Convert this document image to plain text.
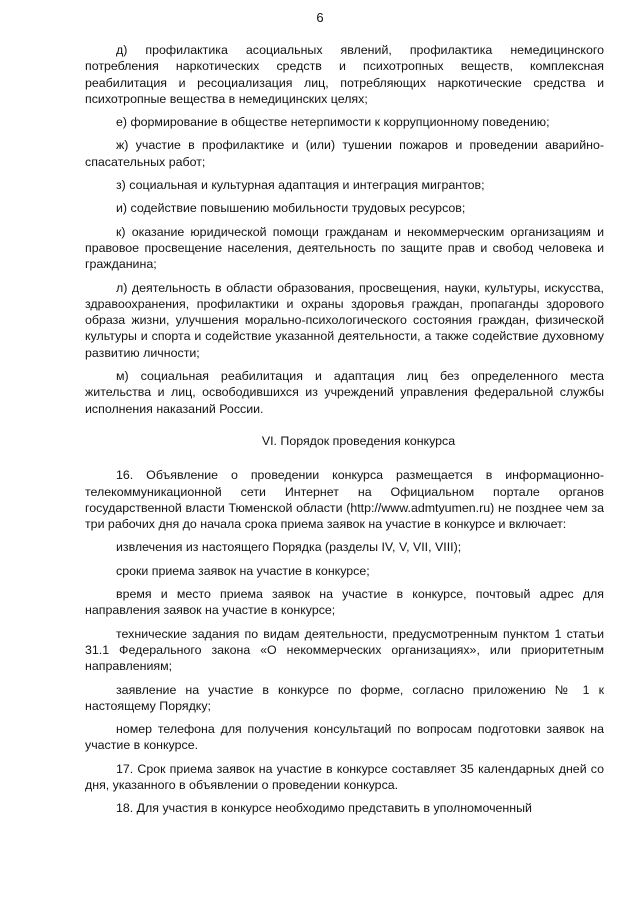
6

д) профилактика асоциальных явлений, профилактика немедицинского потребления наркотических средств и психотропных веществ, комплексная реабилитация и ресоциализация лиц, потребляющих наркотические средства и психотропные вещества в немедицинских целях;

е) формирование в обществе нетерпимости к коррупционному поведению;

ж) участие в профилактике и (или) тушении пожаров и проведении аварийно-спасательных работ;

з) социальная и культурная адаптация и интеграция мигрантов;

и) содействие повышению мобильности трудовых ресурсов;

к) оказание юридической помощи гражданам и некоммерческим организациям и правовое просвещение населения, деятельность по защите прав и свобод человека и гражданина;

л) деятельность в области образования, просвещения, науки, культуры, искусства, здравоохранения, профилактики и охраны здоровья граждан, пропаганды здорового образа жизни, улучшения морально-психологического состояния граждан, физической культуры и спорта и содействие указанной деятельности, а также содействие духовному развитию личности;

м) социальная реабилитация и адаптация лиц без определенного места жительства и лиц, освободившихся из учреждений управления федеральной службы исполнения наказаний России.

VI. Порядок проведения конкурса

16. Объявление о проведении конкурса размещается в информационно-телекоммуникационной сети Интернет на Официальном портале органов государственной власти Тюменской области (http://www.admtyumen.ru) не позднее чем за три рабочих дня до начала срока приема заявок на участие в конкурсе и включает:

извлечения из настоящего Порядка (разделы IV, V, VII, VIII);

сроки приема заявок на участие в конкурсе;

время и место приема заявок на участие в конкурсе, почтовый адрес для направления заявок на участие в конкурсе;

технические задания по видам деятельности, предусмотренным пунктом 1 статьи 31.1 Федерального закона «О некоммерческих организациях», или приоритетным направлениям;

заявление на участие в конкурсе по форме, согласно приложению № 1 к настоящему Порядку;

номер телефона для получения консультаций по вопросам подготовки заявок на участие в конкурсе.

17. Срок приема заявок на участие в конкурсе составляет 35 календарных дней со дня, указанного в объявлении о проведении конкурса.

18. Для участия в конкурсе необходимо представить в уполномоченный
